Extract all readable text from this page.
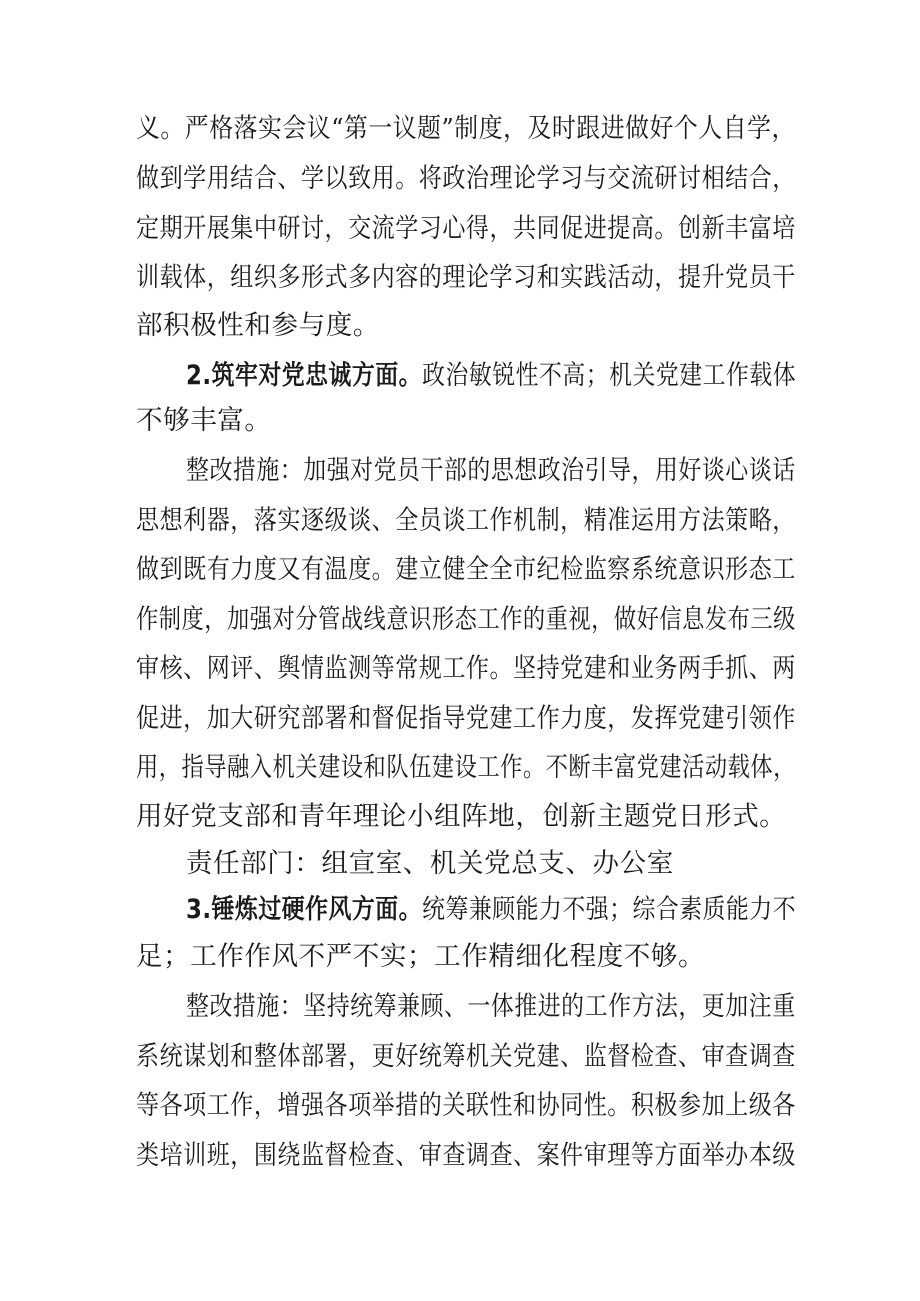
义。严格落实会议“第一议题”制度，及时跟进做好个人自学，
做到学用结合、学以致用。将政治理论学习与交流研讨相结合，
定期开展集中研讨，交流学习心得，共同促进提高。创新丰富培
训载体，组织多形式多内容的理论学习和实践活动，提升党员干
部积极性和参与度。
2.筑牢对党忠诚方面。政治敏锐性不高；机关党建工作载体
不够丰富。
整改措施：加强对党员干部的思想政治引导，用好谈心谈话
思想利器，落实逐级谈、全员谈工作机制，精准运用方法策略，
做到既有力度又有温度。建立健全全市纪检监察系统意识形态工
作制度，加强对分管战线意识形态工作的重视，做好信息发布三级
审核、网评、舆情监测等常规工作。坚持党建和业务两手抓、两
促进，加大研究部署和督促指导党建工作力度，发挥党建引领作
用，指导融入机关建设和队伍建设工作。不断丰富党建活动载体，
用好党支部和青年理论小组阵地，创新主题党日形式。
责任部门：组宣室、机关党总支、办公室
3.锤炼过硬作风方面。统筹兼顾能力不强；综合素质能力不
足；工作作风不严不实；工作精细化程度不够。
整改措施：坚持统筹兼顾、一体推进的工作方法，更加注重
系统谋划和整体部署，更好统筹机关党建、监督检查、审查调查
等各项工作，增强各项举措的关联性和协同性。积极参加上级各
类培训班，围绕监督检查、审查调查、案件审理等方面举办本级
